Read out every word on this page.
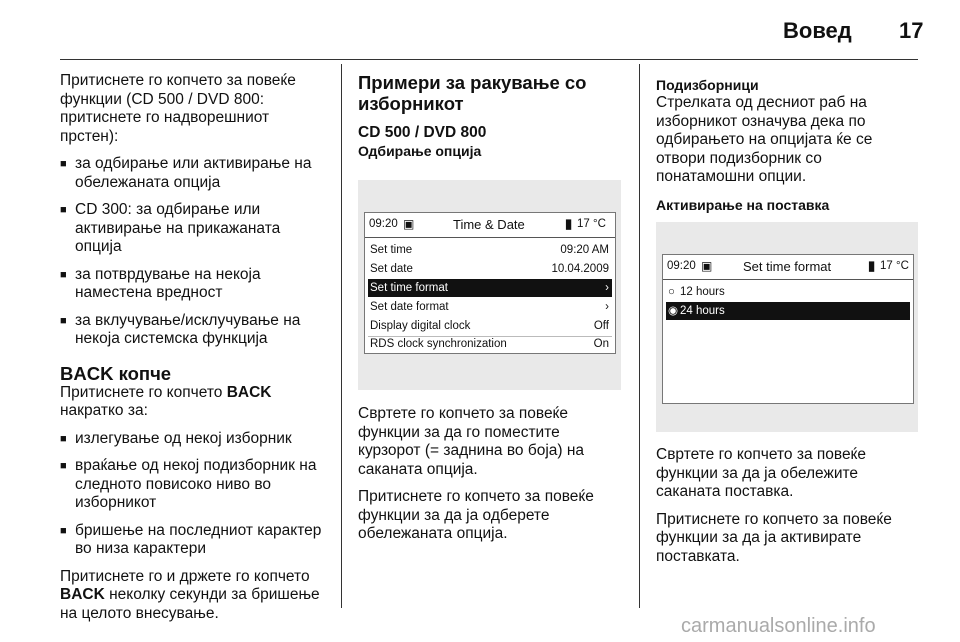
Вовед 17

Притиснете го копчето за повеќе функции (CD 500 / DVD 800: притиснете го надворешниот прстен):

■ за одбирање или активирање на обележаната опција
■ CD 300: за одбирање или активирање на прикажаната опција
■ за потврдување на некоја наместена вредност
■ за вклучување/исклучување на некоја системска функција
BACK копче

Притиснете го копчето BACK
накратко за:

■ излегување од некој изборник
■ враќање од некој подизборник на следното повисоко ниво во изборникот
■ бришење на последниот карактер во низа карактери

Притиснете го и држете го копчето BACK неколку секунди за бришење на целото внесување.

Примери за ракување со изборникот
CD 500 / DVD 800
Одбирање опција
09:20 ▣	Time & Date	▮ 17 °C
Set time	09:20 AM
Set date	10.04.2009
Set time format	›
Set date format	›
Display digital clock	Off
RDS clock synchronization	On

Свртете го копчето за повеќе функции за да го поместите курзорот (= заднина во боја) на саканата опција.

Притиснете го копчето за повеќе функции за да ја одберете обележаната опција.

Подизборници

Стрелката од десниот раб на изборникот означува дека по одбирањето на опцијата ќе се отвори подизборник со понатамошни опции.

Активирање на поставка
09:20 ▣ Set time format	▮ 17 °C
○ 12 hours
◉ 24 hours

Свртете го копчето за повеќе функции за да ја обележите саканата поставка.

Притиснете го копчето за повеќе функции за да ја активирате поставката.

carmanualsonline.info
